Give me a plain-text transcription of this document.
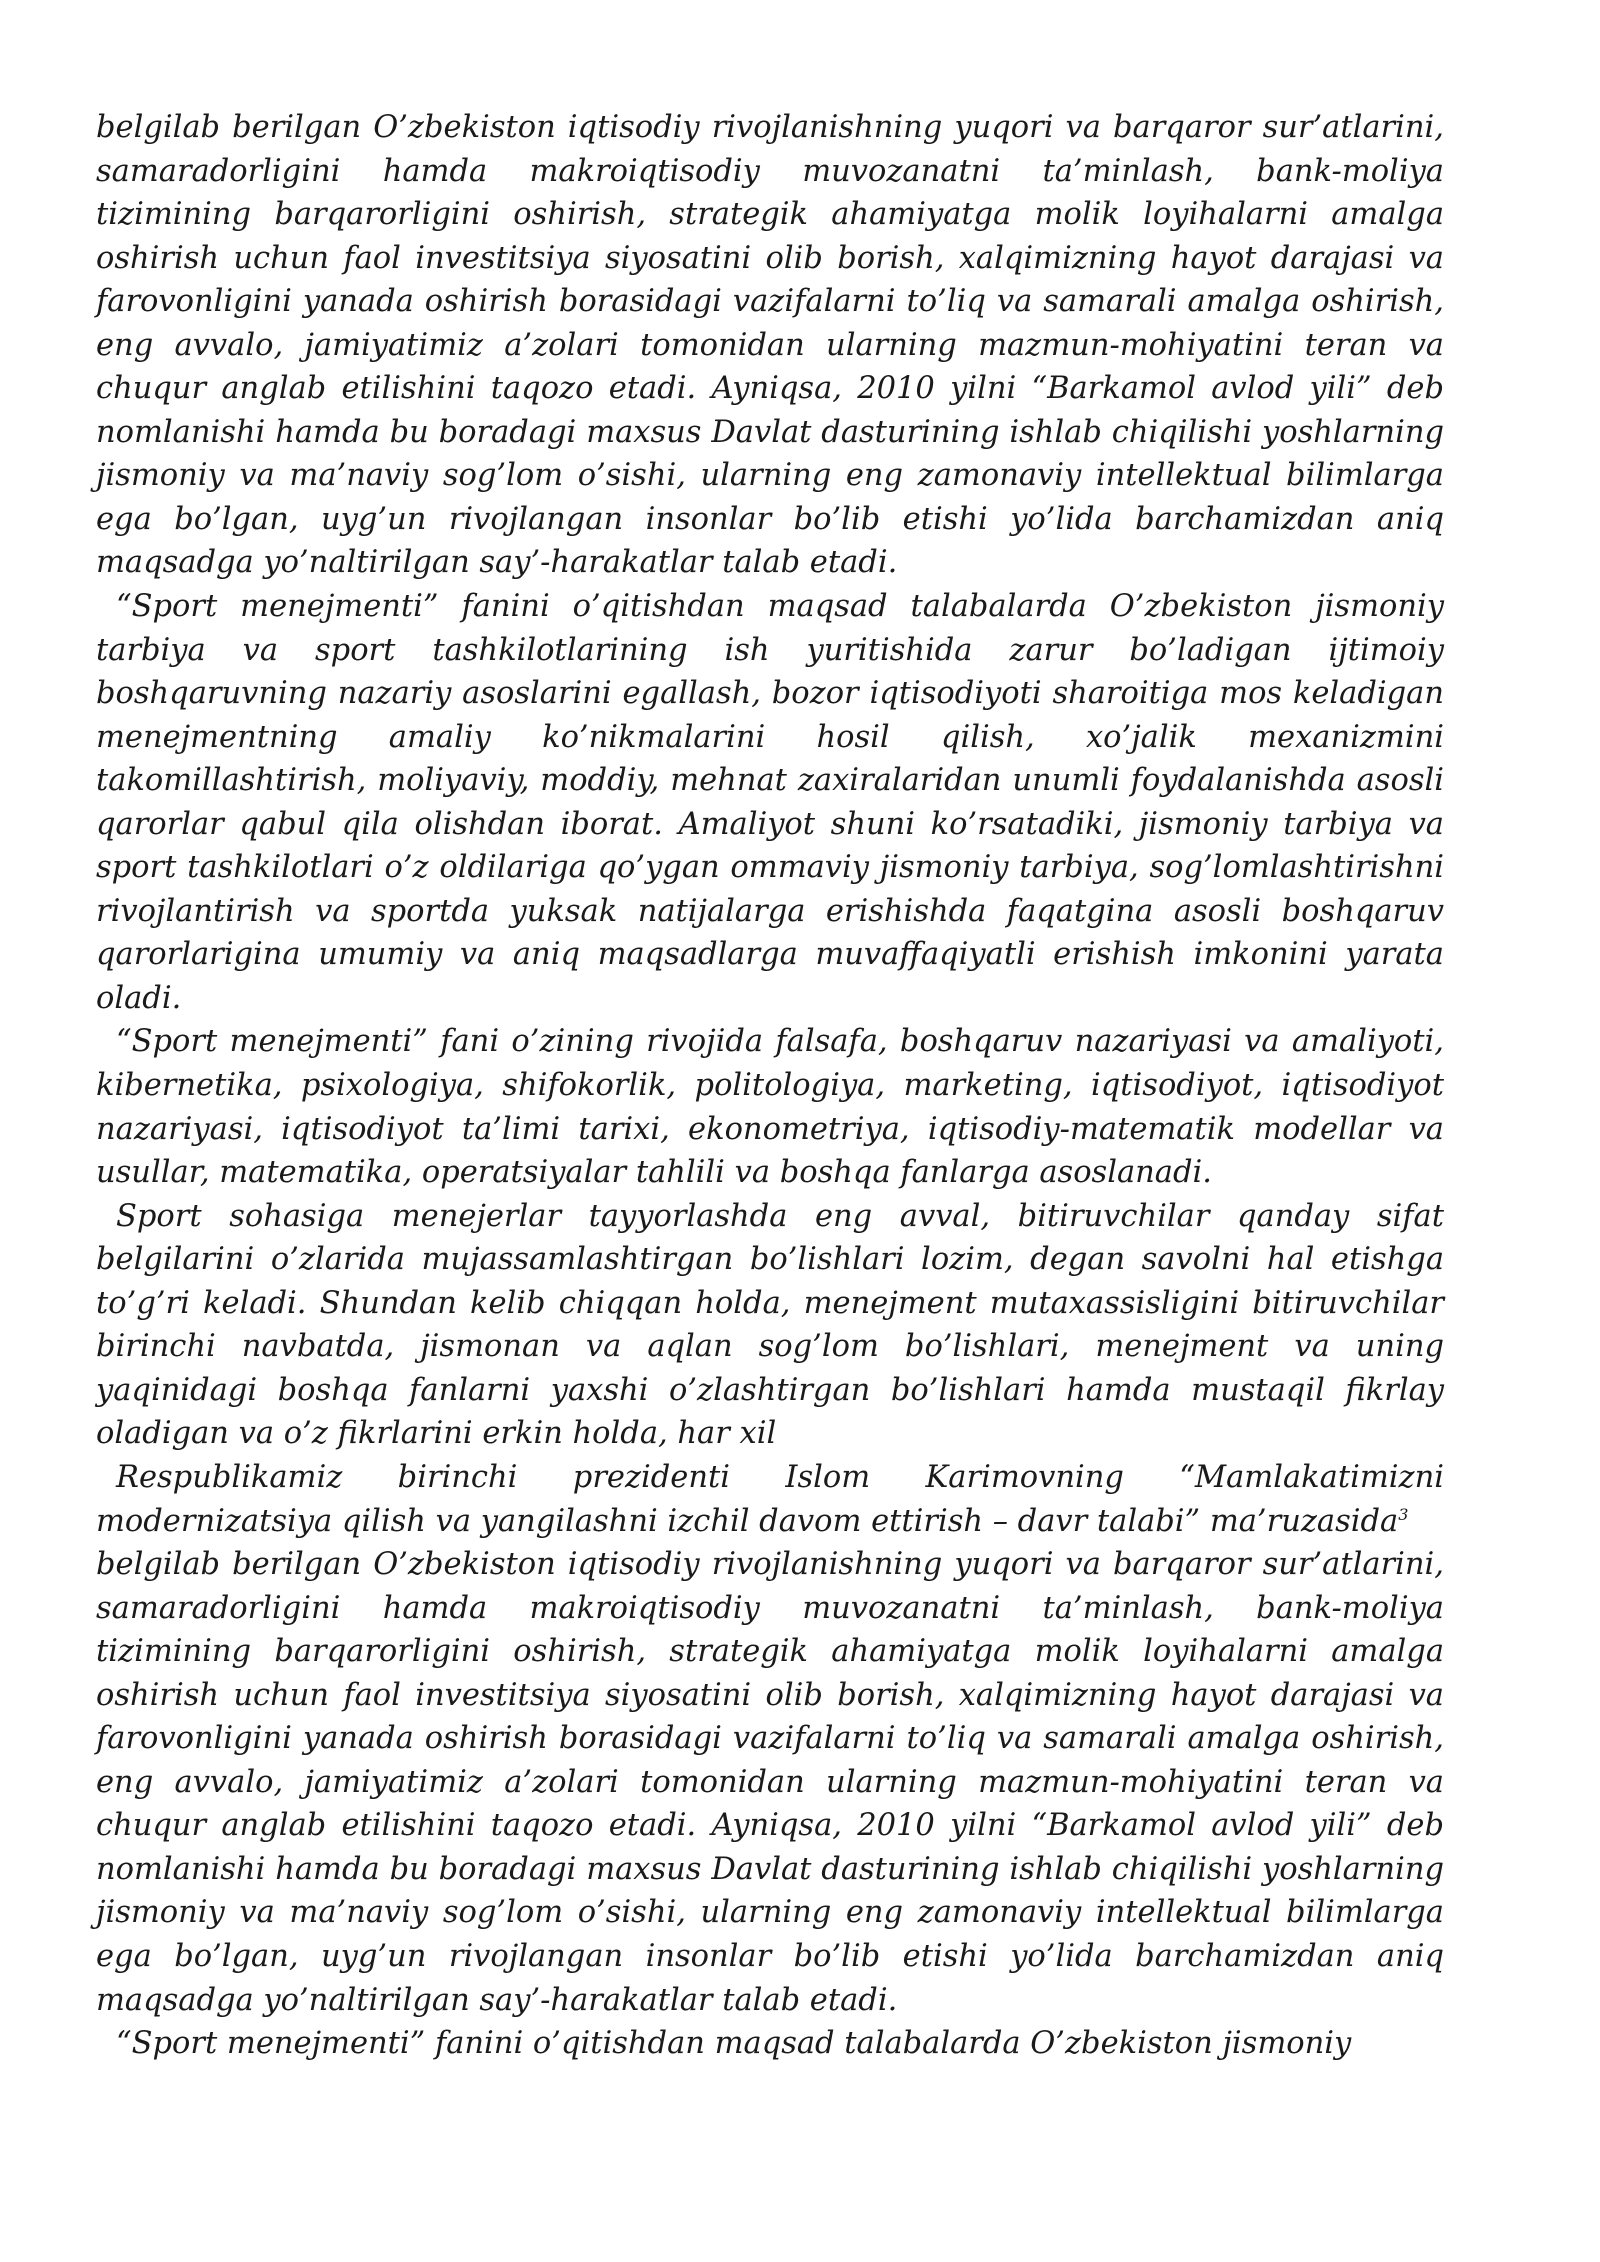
belgilab berilgan O’zbekiston iqtisodiy rivojlanishning yuqori va barqaror sur’atlarini, samaradorligini hamda makroiqtisodiy muvozanatni ta’minlash, bank-moliya tizimining barqarorligini oshirish, strategik ahamiyatga molik loyihalarni amalga oshirish uchun faol investitsiya siyosatini olib borish, xalqimizning hayot darajasi va farovonligini yanada oshirish borasidagi vazifalarni to’liq va samarali amalga oshirish, eng avvalo, jamiyatimiz a’zolari tomonidan ularning mazmun-mohiyatini teran va chuqur anglab etilishini taqozo etadi. Ayniqsa, 2010 yilni “Barkamol avlod yili” deb nomlanishi hamda bu boradagi maxsus Davlat dasturining ishlab chiqilishi yoshlarning jismoniy va ma’naviy sog’lom o’sishi, ularning eng zamonaviy intellektual bilimlarga ega bo’lgan, uyg’un rivojlangan insonlar bo’lib etishi yo’lida barchamizdan aniq maqsadga yo’naltirilgan say’-harakatlar talab etadi.

“Sport menejmenti” fanini o’qitishdan maqsad talabalarda O’zbekiston jismoniy tarbiya va sport tashkilotlarining ish yuritishida zarur bo’ladigan ijtimoiy boshqaruvning nazariy asoslarini egallash, bozor iqtisodiyoti sharoitiga mos keladigan menejmentning amaliy ko’nikmalarini hosil qilish, xo’jalik mexanizmini takomillashtirish, moliyaviy, moddiy, mehnat zaxiralaridan unumli foydalanishda asosli qarorlar qabul qila olishdan iborat. Amaliyot shuni ko’rsatadiki, jismoniy tarbiya va sport tashkilotlari o’z oldilariga qo’ygan ommaviy jismoniy tarbiya, sog’lomlashtirishni rivojlantirish va sportda yuksak natijalarga erishishda faqatgina asosli boshqaruv qarorlarigina umumiy va aniq maqsadlarga muvaffaqiyatli erishish imkonini yarata oladi.

“Sport menejmenti” fani o’zining rivojida falsafa, boshqaruv nazariyasi va amaliyoti, kibernetika, psixologiya, shifokorlik, politologiya, marketing, iqtisodiyot, iqtisodiyot nazariyasi, iqtisodiyot ta’limi tarixi, ekonometriya, iqtisodiy-matematik modellar va usullar, matematika, operatsiyalar tahlili va boshqa fanlarga asoslanadi.

Sport sohasiga menejerlar tayyorlashda eng avval, bitiruvchilar qanday sifat belgilarini o’zlarida mujassamlashtirgan bo’lishlari lozim, degan savolni hal etishga to’g’ri keladi. Shundan kelib chiqqan holda, menejment mutaxassisligini bitiruvchilar birinchi navbatda, jismonan va aqlan sog’lom bo’lishlari, menejment va uning yaqinidagi boshqa fanlarni yaxshi o’zlashtirgan bo’lishlari hamda mustaqil fikrlay oladigan va o’z fikrlarini erkin holda, har xil

Respublikamiz birinchi prezidenti Islom Karimovning “Mamlakatimizni modernizatsiya qilish va yangilashni izchil davom ettirish – davr talabi” ma’ruzasida$^3$

belgilab berilgan O’zbekiston iqtisodiy rivojlanishning yuqori va barqaror sur’atlarini, samaradorligini hamda makroiqtisodiy muvozanatni ta’minlash, bank-moliya tizimining barqarorligini oshirish, strategik ahamiyatga molik loyihalarni amalga oshirish uchun faol investitsiya siyosatini olib borish, xalqimizning hayot darajasi va farovonligini yanada oshirish borasidagi vazifalarni to’liq va samarali amalga oshirish, eng avvalo, jamiyatimiz a’zolari tomonidan ularning mazmun-mohiyatini teran va chuqur anglab etilishini taqozo etadi. Ayniqsa, 2010 yilni “Barkamol avlod yili” deb nomlanishi hamda bu boradagi maxsus Davlat dasturining ishlab chiqilishi yoshlarning jismoniy va ma’naviy sog’lom o’sishi, ularning eng zamonaviy intellektual bilimlarga ega bo’lgan, uyg’un rivojlangan insonlar bo’lib etishi yo’lida barchamizdan aniq maqsadga yo’naltirilgan say’-harakatlar talab etadi.

“Sport menejmenti” fanini o’qitishdan maqsad talabalarda O’zbekiston jismoniy
